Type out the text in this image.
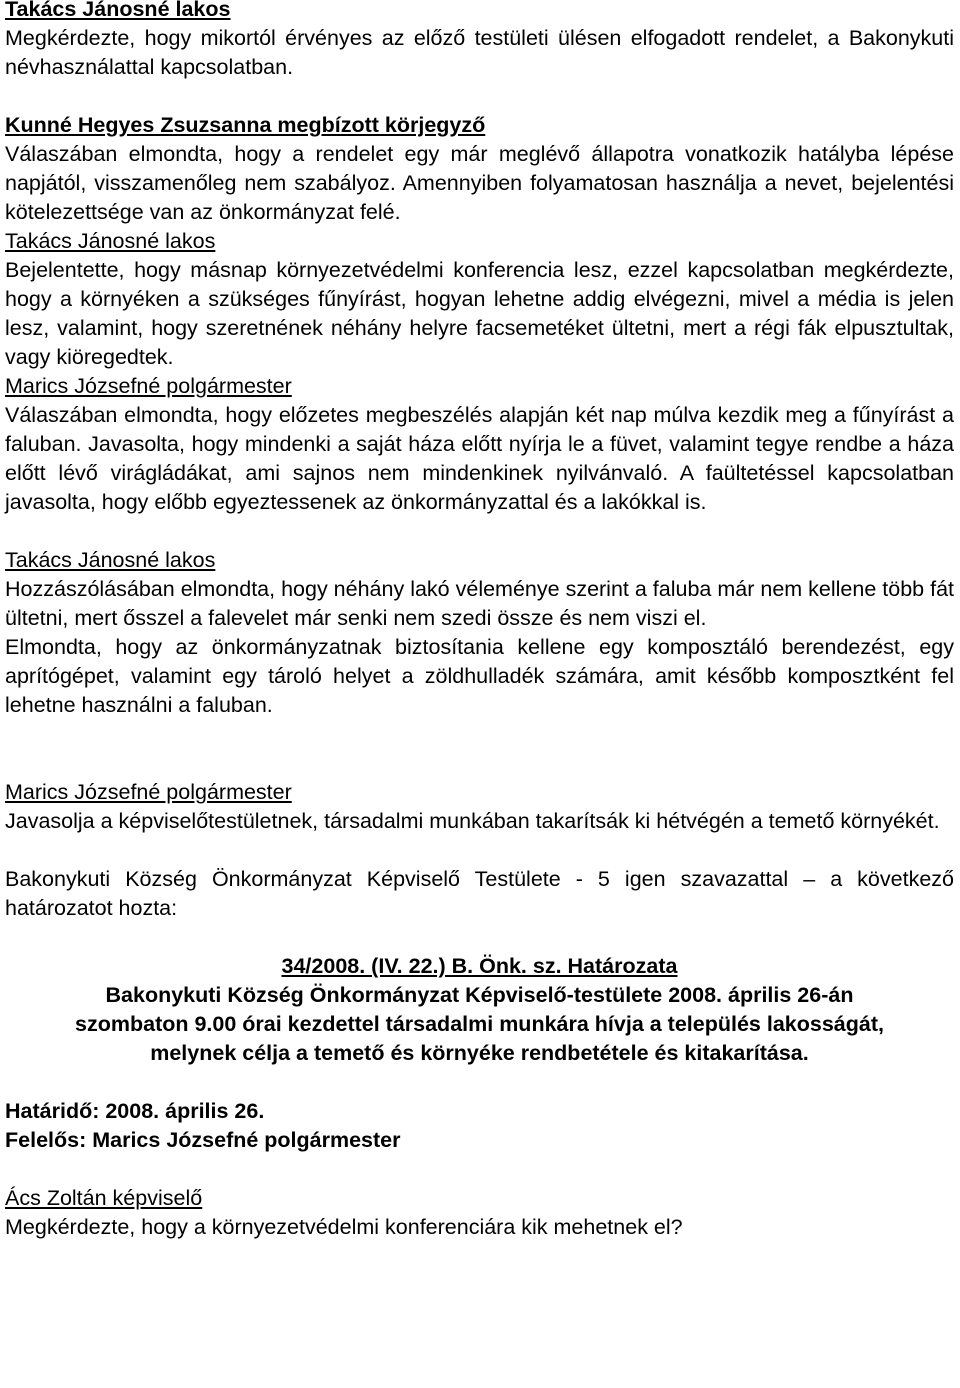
Takács Jánosné lakos
Megkérdezte, hogy mikortól érvényes az előző testületi ülésen elfogadott rendelet, a Bakonykuti névhasználattal kapcsolatban.
Kunné Hegyes Zsuzsanna megbízott körjegyző
Válaszában elmondta, hogy a rendelet egy már meglévő állapotra vonatkozik hatályba lépése napjától, visszamenőleg nem szabályoz. Amennyiben folyamatosan használja a nevet, bejelentési kötelezettsége van az önkormányzat felé.
Takács Jánosné lakos
Bejelentette, hogy másnap környezetvédelmi konferencia lesz, ezzel kapcsolatban megkérdezte, hogy a környéken a szükséges fűnyírást, hogyan lehetne addig elvégezni, mivel a média is jelen lesz, valamint, hogy szeretnének néhány helyre facsemetéket ültetni, mert a régi fák elpusztultak, vagy kiöregedtek.
Marics Józsefné polgármester
Válaszában elmondta, hogy előzetes megbeszélés alapján két nap múlva kezdik meg a fűnyírást a faluban. Javasolta, hogy mindenki a saját háza előtt nyírja le a füvet, valamint tegye rendbe a háza előtt lévő virágládákat, ami sajnos nem mindenkinek nyilvánvaló. A faültetéssel kapcsolatban javasolta, hogy előbb egyeztessenek az önkormányzattal és a lakókkal is.
Takács Jánosné lakos
Hozzászólásában elmondta, hogy néhány lakó véleménye szerint a faluba már nem kellene több fát ültetni, mert ősszel a falevelet már senki nem szedi össze és nem viszi el.
Elmondta, hogy az önkormányzatnak biztosítania kellene egy komposztáló berendezést, egy aprítógépet, valamint egy tároló helyet a zöldhulladék számára, amit később komposztként fel lehetne használni a faluban.
Marics Józsefné polgármester
Javasolja a képviselőtestületnek, társadalmi munkában takarítsák ki hétvégén a temető környékét.
Bakonykuti Község Önkormányzat Képviselő Testülete - 5 igen szavazattal – a következő határozatot hozta:
34/2008. (IV. 22.) B. Önk. sz. Határozata
Bakonykuti Község Önkormányzat Képviselő-testülete 2008. április 26-án
szombaton 9.00 órai kezdettel társadalmi munkára hívja a település lakosságát,
melynek célja a temető és környéke rendbetétele és kitakarítása.
Határidő: 2008. április 26.
Felelős: Marics Józsefné polgármester
Ács Zoltán képviselő
Megkérdezte, hogy a környezetvédelmi konferenciára kik mehetnek el?
